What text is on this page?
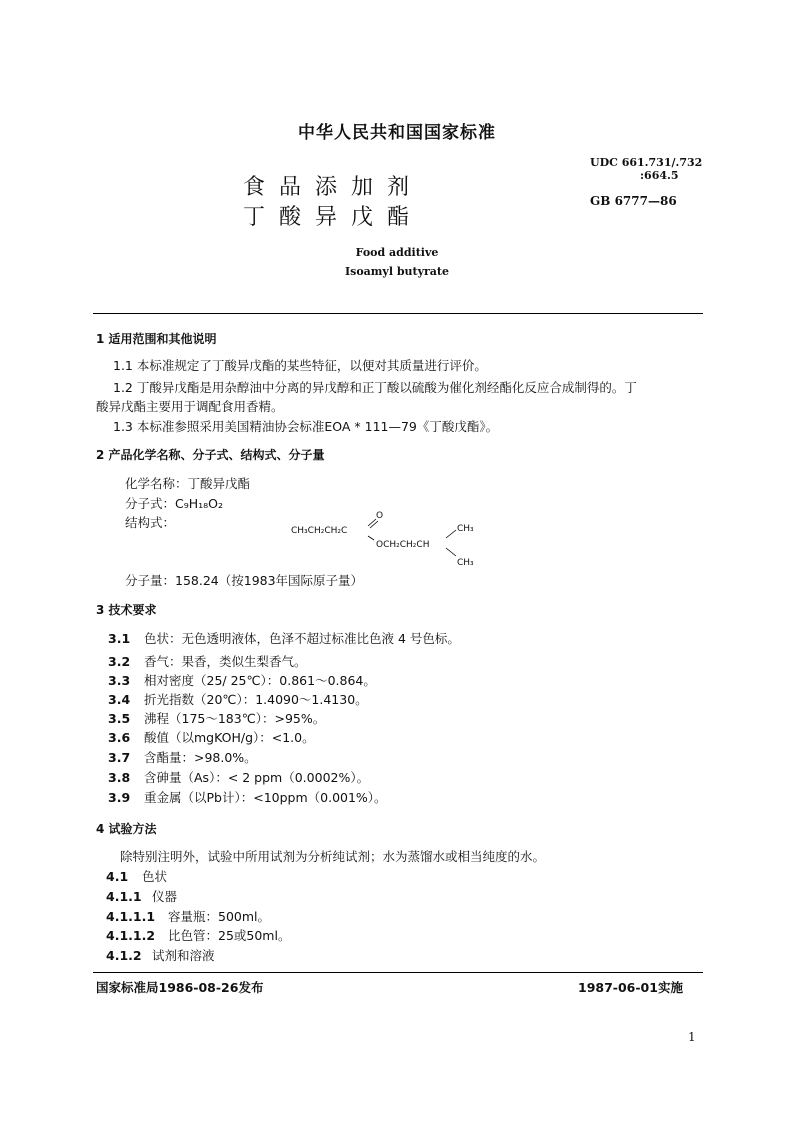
中华人民共和国国家标准
食品添加剂
丁酸异戊酯
Food additive
Isoamyl butyrate
UDC 661.731/.732
:664.5
GB 6777—86
1 适用范围和其他说明
1.1 本标准规定了丁酸异戊酯的某些特征，以便对其质量进行评价。
1.2 丁酸异戊酯是用杂醇油中分离的异戊醇和正丁酸以硫酸为催化剂经酯化反应合成制得的。丁
酸异戊酯主要用于调配食用香精。
1.3 本标准参照采用美国精油协会标准EOA * 111—79《丁酸戊酯》。
2 产品化学名称、分子式、结构式、分子量
化学名称：丁酸异戊酯
分子式：C₉H₁₈O₂
结构式：
CH₃CH₂CH₂C
O
OCH₂CH₂CH
CH₃
CH₃
分子量：158.24（按1983年国际原子量）
3 技术要求
3.1 色状：无色透明液体，色泽不超过标准比色液 4 号色标。
3.2 香气：果香，类似生梨香气。
3.3 相对密度（25/ 25℃）：0.861～0.864。
3.4 折光指数（20℃）：1.4090～1.4130。
3.5 沸程（175～183℃）：>95%。
3.6 酸值（以mgKOH/g）：<1.0。
3.7 含酯量：>98.0%。
3.8 含砷量（As）：< 2 ppm（0.0002%）。
3.9 重金属（以Pb计）：<10ppm（0.001%）。
4 试验方法
除特别注明外，试验中所用试剂为分析纯试剂；水为蒸馏水或相当纯度的水。
4.1 色状
4.1.1 仪器
4.1.1.1 容量瓶：500ml。
4.1.1.2 比色管：25或50ml。
4.1.2 试剂和溶液
国家标准局1986-08-26发布	1987-06-01实施
1
